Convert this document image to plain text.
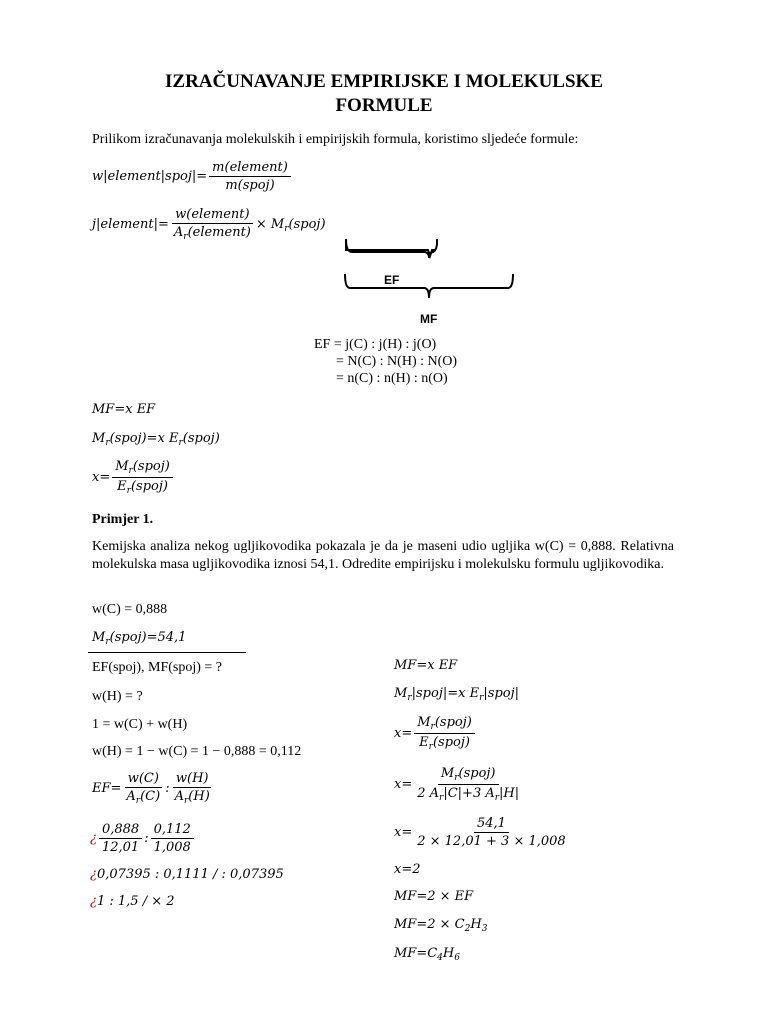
IZRAČUNAVANJE EMPIRIJSKE I MOLEKULSKE
FORMULE
Prilikom izračunavanja molekulskih i empirijskih formula, koristimo sljedeće formule:
w|element|spoj|= $\frac{\text{m(element)}}{\text{m(spoj)}}$
j|element|= $\frac{\text{w(element)}}{A_r(element)}$ × $M_r(spoj)$
EF
MF
EF = j(C) : j(H) : j(O)
= N(C) : N(H) : N(O)
= n(C) : n(H) : n(O)
MF=x EF
$M_r(spoj)=x$ $E_r(spoj)$
$x= \frac{M_r(spoj)}{E_r(spoj)}$
Primjer 1.
Kemijska analiza nekog ugljikovodika pokazala je da je maseni udio ugljika w(C) = 0,888. Relativna molekulska masa ugljikovodika iznosi 54,1. Odredite empirijsku i molekulsku formulu ugljikovodika.
w(C) = 0,888
$M_r(spoj)=54,1$
EF(spoj), MF(spoj) = ?
w(H) = ?
1 = w(C) + w(H)
w(H) = 1 − w(C) = 1 − 0,888 = 0,112
$EF= \frac{w(C)}{A_r(C)}$ : $\frac{w(H)}{A_r(H)}$
¿ $\frac{0,888}{12,01}$ : $\frac{0,112}{1,008}$
¿0,07395 : 0,1111 / : 0,07395
¿1 : 1,5 / × 2
MF=x EF
$M_r|spoj|=x$ $E_r|spoj|$
$x= \frac{M_r(spoj)}{E_r(spoj)}$
$x= \frac{M_r(spoj)}{2 A_r|C|+3 A_r|H|}$
$x= \frac{54,1}{2 \times 12,01 + 3 \times 1,008}$
x=2
MF=2 × EF
$MF=2 \times C_2H_3$
$MF=C_4H_6$
